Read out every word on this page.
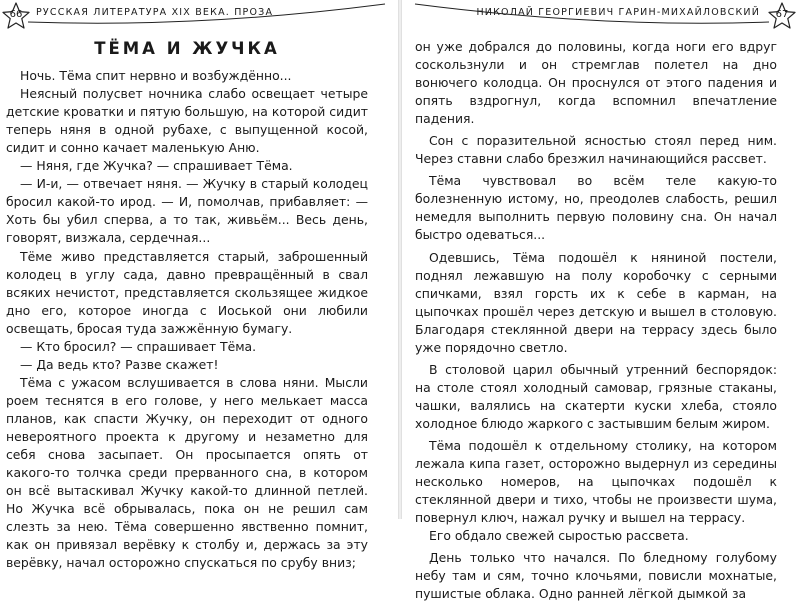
66	РУССКАЯ ЛИТЕРАТУРА XIX ВЕКА. ПРОЗА
ТЁМА И ЖУЧКА

Ночь. Тёма спит нервно и возбуждённо...

Неясный полусвет ночника слабо освещает четыре детские кроватки и пятую большую, на которой сидит теперь няня в одной рубахе, с выпущенной косой, сидит и сонно качает маленькую Аню.

— Няня, где Жучка? — спрашивает Тёма.

— И-и, — отвечает няня. — Жучку в старый колодец бросил какой-то ирод. — И, помолчав, прибавляет: — Хоть бы убил сперва, а то так, живьём... Весь день, говорят, визжала, сердечная...

Тёме живо представляется старый, заброшенный колодец в углу сада, давно превращённый в свал всяких нечистот, представляется скользящее жидкое дно его, которое иногда с Иоськой они любили освещать, бросая туда зажжённую бумагу.

— Кто бросил? — спрашивает Тёма.

— Да ведь кто? Разве скажет!

Тёма с ужасом вслушивается в слова няни. Мысли роем теснятся в его голове, у него мелькает масса планов, как спасти Жучку, он переходит от одного невероятного проекта к другому и незаметно для себя снова засыпает. Он просыпается опять от какого-то толчка среди прерванного сна, в котором он всё вытаскивал Жучку какой-то длинной петлей. Но Жучка всё обрывалась, пока он не решил сам слезть за нею. Тёма совершенно явственно помнит, как он привязал верёвку к столбу и, держась за эту верёвку, начал осторожно спускаться по срубу вниз;

НИКОЛАЙ ГЕОРГИЕВИЧ ГАРИН-МИХАЙЛОВСКИЙ	67

он уже добрался до половины, когда ноги его вдруг соскользнули и он стремглав полетел на дно вонючего колодца. Он проснулся от этого падения и опять вздрогнул, когда вспомнил впечатление падения.

Сон с поразительной ясностью стоял перед ним. Через ставни слабо брезжил начинающийся рассвет.

Тёма чувствовал во всём теле какую-то болезненную истому, но, преодолев слабость, решил немедля выполнить первую половину сна. Он начал быстро одеваться...

Одевшись, Тёма подошёл к няниной постели, поднял лежавшую на полу коробочку с серными спичками, взял горсть их к себе в карман, на цыпочках прошёл через детскую и вышел в столовую. Благодаря стеклянной двери на террасу здесь было уже порядочно светло.

В столовой царил обычный утренний беспорядок: на столе стоял холодный самовар, грязные стаканы, чашки, валялись на скатерти куски хлеба, стояло холодное блюдо жаркого с застывшим белым жиром.

Тёма подошёл к отдельному столику, на котором лежала кипа газет, осторожно выдернул из середины несколько номеров, на цыпочках подошёл к стеклянной двери и тихо, чтобы не произвести шума, повернул ключ, нажал ручку и вышел на террасу.

Его обдало свежей сыростью рассвета.

День только что начался. По бледному голубому небу там и сям, точно клочьями, повисли мохнатые, пушистые облака. Одно ранней лёгкой дымкой за
